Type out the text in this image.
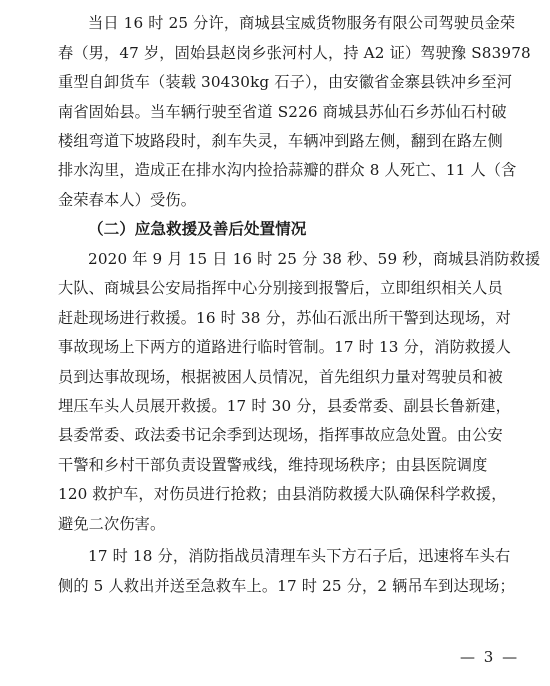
当日 16 时 25 分许，商城县宝威货物服务有限公司驾驶员金荣
春（男，47 岁，固始县赵岗乡张河村人，持 A2 证）驾驶豫 S83978
重型自卸货车（装载 30430kg 石子），由安徽省金寨县铁冲乡至河
南省固始县。当车辆行驶至省道 S226 商城县苏仙石乡苏仙石村破
楼组弯道下坡路段时，刹车失灵，车辆冲到路左侧，翻到在路左侧
排水沟里，造成正在排水沟内捡拾蒜瓣的群众 8 人死亡、11 人（含
金荣春本人）受伤。
（二）应急救援及善后处置情况
2020 年 9 月 15 日 16 时 25 分 38 秒、59 秒，商城县消防救援
大队、商城县公安局指挥中心分别接到报警后，立即组织相关人员
赶赴现场进行救援。16 时 38 分，苏仙石派出所干警到达现场，对
事故现场上下两方的道路进行临时管制。17 时 13 分，消防救援人
员到达事故现场，根据被困人员情况，首先组织力量对驾驶员和被
埋压车头人员展开救援。17 时 30 分，县委常委、副县长鲁新建，
县委常委、政法委书记余季到达现场，指挥事故应急处置。由公安
干警和乡村干部负责设置警戒线，维持现场秩序；由县医院调度
120 救护车，对伤员进行抢救；由县消防救援大队确保科学救援，
避免二次伤害。
17 时 18 分，消防指战员清理车头下方石子后，迅速将车头右
侧的 5 人救出并送至急救车上。17 时 25 分，2 辆吊车到达现场；
— 3 —
